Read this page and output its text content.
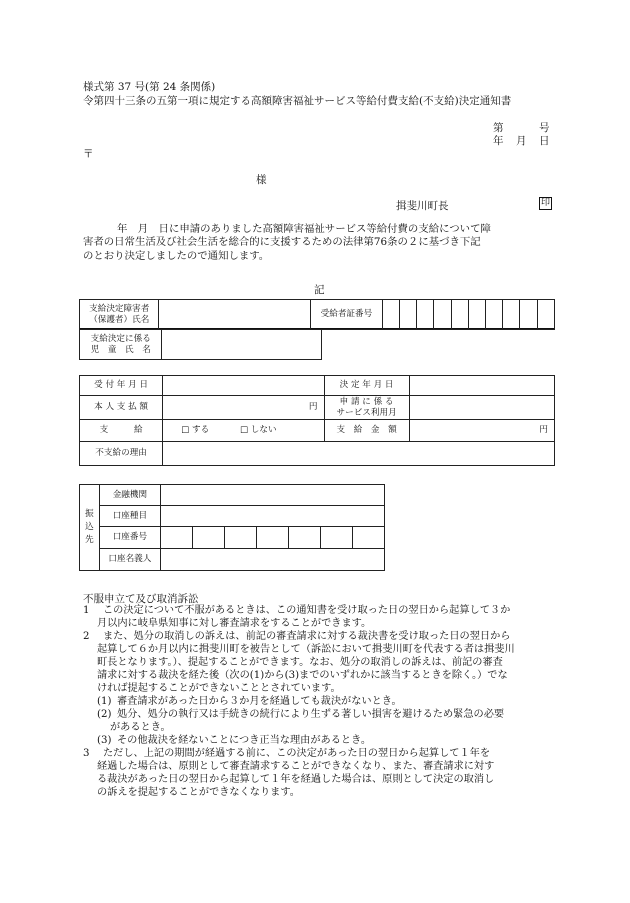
様式第 37 号(第 24 条関係)
令第四十三条の五第一項に規定する高額障害福祉サービス等給付費支給(不支給)決定通知書
第	号
年 月 日
〒
様
揖斐川町長	印
年　月　日に申請のありました高額障害福祉サービス等給付費の支給について障
害者の日常生活及び社会生活を総合的に支援するための法律第76条の２に基づき下記
のとおり決定しましたので通知します。
記
支給決定障害者
（保護者）氏名
		受給者証番号										
支給決定に係る
児　童　氏　名

受 付 年 月 日		決 定 年 月 日	
本 人 支 払 額	円	申 請 に 係 る
サービス利用月	

支　　　給	□ する □ しない	支　給　金　額	円
不支給の理由			
振
込
先	金融機関							
	口座種目							
	口座番号							
	口座名義人							
不服申立て及び取消訴訟
1 この決定について不服があるときは、この通知書を受け取った日の翌日から起算して３か
月以内に岐阜県知事に対し審査請求をすることができます。
2 また、処分の取消しの訴えは、前記の審査請求に対する裁決書を受け取った日の翌日から
起算して６か月以内に揖斐川町を被告として（訴訟において揖斐川町を代表する者は揖斐川
町長となります。）、提起することができます。なお、処分の取消しの訴えは、前記の審査
請求に対する裁決を経た後（次の(1)から(3)までのいずれかに該当するときを除く。）でな
ければ提起することができないこととされています。
(1) 審査請求があった日から３か月を経過しても裁決がないとき。
(2) 処分、処分の執行又は手続きの続行により生ずる著しい損害を避けるため緊急の必要
があるとき。
(3) その他裁決を経ないことにつき正当な理由があるとき。
3 ただし、上記の期間が経過する前に、この決定があった日の翌日から起算して１年を
経過した場合は、原則として審査請求することができなくなり、また、審査請求に対す
る裁決があった日の翌日から起算して１年を経過した場合は、原則として決定の取消し
の訴えを提起することができなくなります。
